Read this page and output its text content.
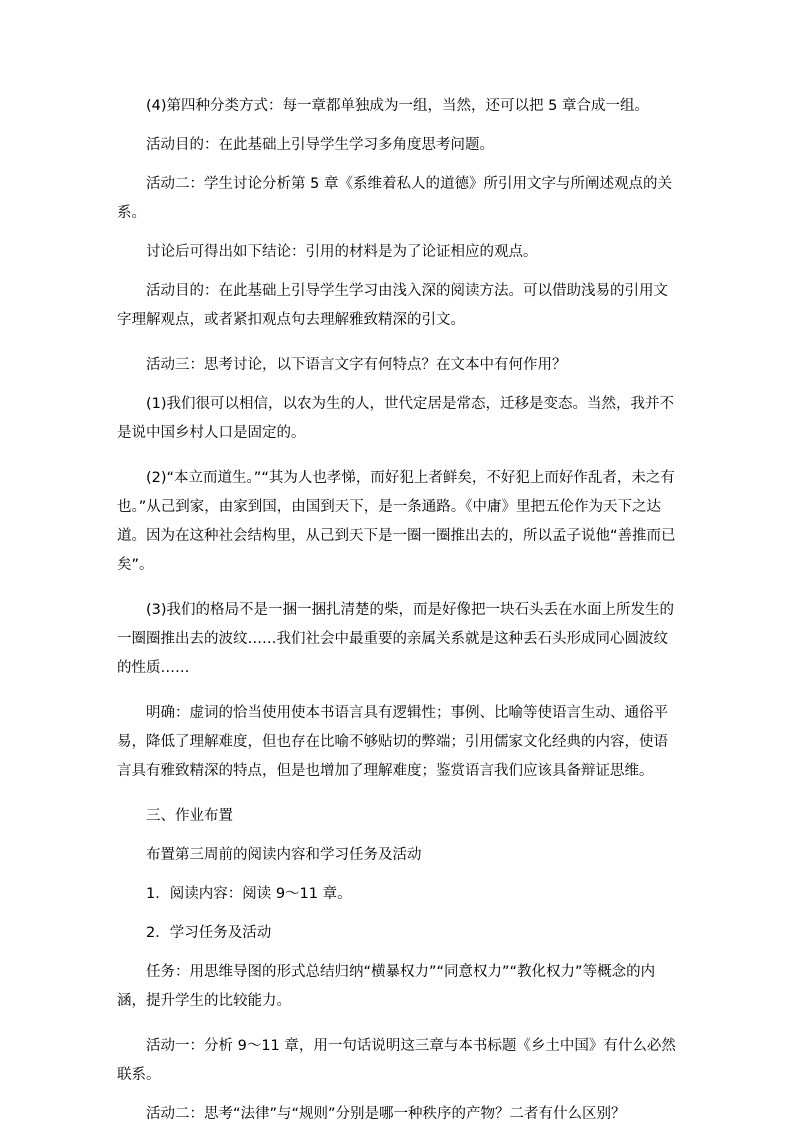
(4)第四种分类方式：每一章都单独成为一组，当然，还可以把 5 章合成一组。

活动目的：在此基础上引导学生学习多角度思考问题。

活动二：学生讨论分析第 5 章《系维着私人的道德》所引用文字与所阐述观点的关系。

讨论后可得出如下结论：引用的材料是为了论证相应的观点。

活动目的：在此基础上引导学生学习由浅入深的阅读方法。可以借助浅易的引用文字理解观点，或者紧扣观点句去理解雅致精深的引文。

活动三：思考讨论，以下语言文字有何特点？在文本中有何作用？

(1)我们很可以相信，以农为生的人，世代定居是常态，迁移是变态。当然，我并不是说中国乡村人口是固定的。

(2)“本立而道生。”“其为人也孝悌，而好犯上者鲜矣，不好犯上而好作乱者，未之有也。”从己到家，由家到国，由国到天下，是一条通路。《中庸》里把五伦作为天下之达道。因为在这种社会结构里，从己到天下是一圈一圈推出去的，所以孟子说他“善推而已矣”。

(3)我们的格局不是一捆一捆扎清楚的柴，而是好像把一块石头丢在水面上所发生的一圈圈推出去的波纹……我们社会中最重要的亲属关系就是这种丢石头形成同心圆波纹的性质……

明确：虚词的恰当使用使本书语言具有逻辑性；事例、比喻等使语言生动、通俗平易，降低了理解难度，但也存在比喻不够贴切的弊端；引用儒家文化经典的内容，使语言具有雅致精深的特点，但是也增加了理解难度；鉴赏语言我们应该具备辩证思维。

三、作业布置

布置第三周前的阅读内容和学习任务及活动

1．阅读内容：阅读 9～11 章。

2．学习任务及活动

任务：用思维导图的形式总结归纳“横暴权力”“同意权力”“教化权力”等概念的内涵，提升学生的比较能力。

活动一：分析 9～11 章，用一句话说明这三章与本书标题《乡土中国》有什么必然联系。

活动二：思考“法律”与“规则”分别是哪一种秩序的产物？二者有什么区别？
